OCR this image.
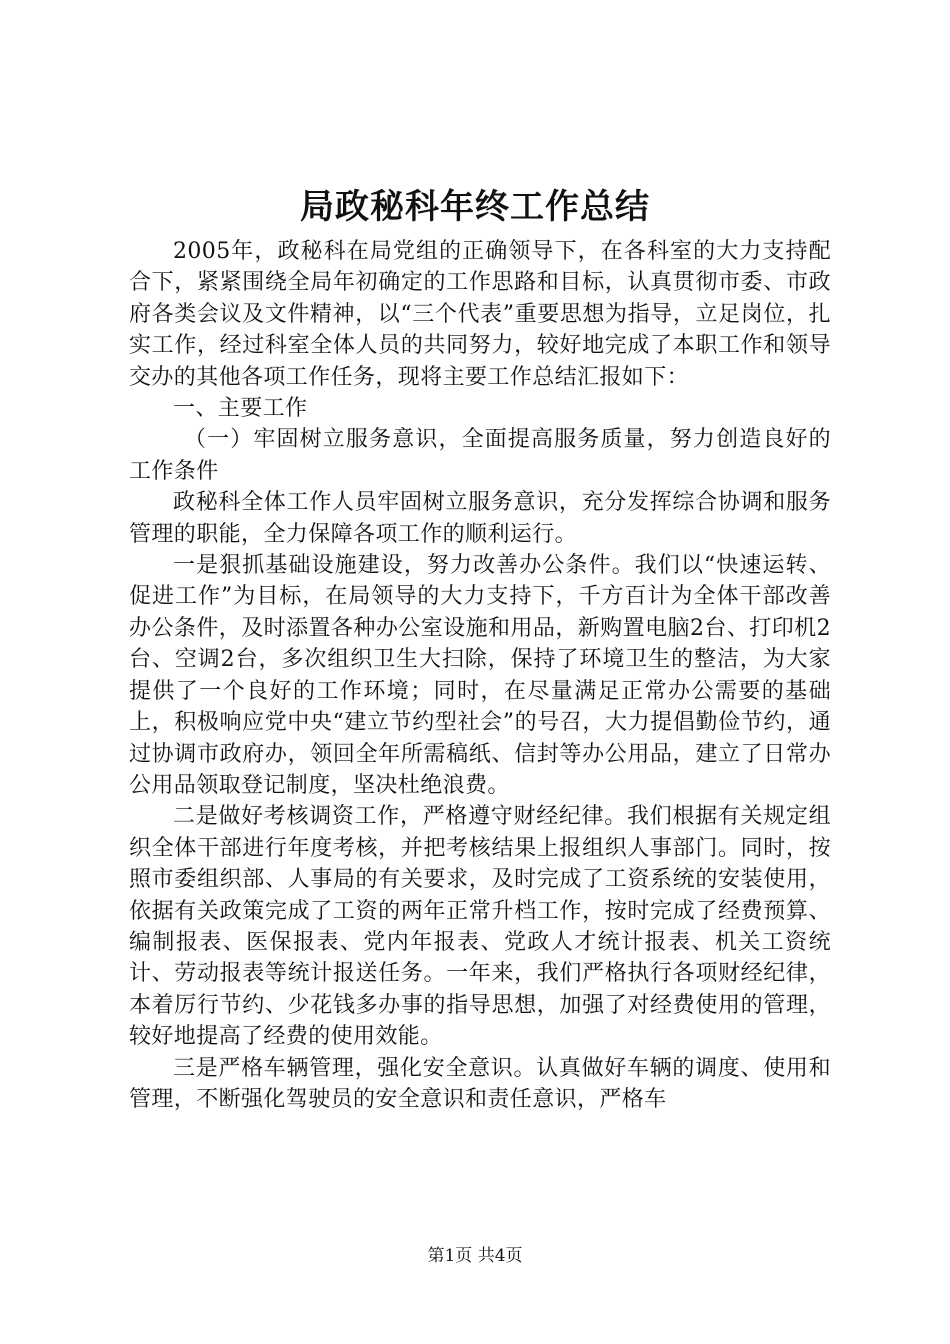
局政秘科年终工作总结

2005年，政秘科在局党组的正确领导下，在各科室的大力支持配合下，紧紧围绕全局年初确定的工作思路和目标，认真贯彻市委、市政府各类会议及文件精神，以“三个代表”重要思想为指导，立足岗位，扎实工作，经过科室全体人员的共同努力，较好地完成了本职工作和领导交办的其他各项工作任务，现将主要工作总结汇报如下：

一、主要工作

（一）牢固树立服务意识，全面提高服务质量，努力创造良好的工作条件

政秘科全体工作人员牢固树立服务意识，充分发挥综合协调和服务管理的职能，全力保障各项工作的顺利运行。

一是狠抓基础设施建设，努力改善办公条件。我们以“快速运转、促进工作”为目标，在局领导的大力支持下，千方百计为全体干部改善办公条件，及时添置各种办公室设施和用品，新购置电脑2台、打印机2台、空调2台，多次组织卫生大扫除，保持了环境卫生的整洁，为大家提供了一个良好的工作环境；同时，在尽量满足正常办公需要的基础上，积极响应党中央“建立节约型社会”的号召，大力提倡勤俭节约，通过协调市政府办，领回全年所需稿纸、信封等办公用品，建立了日常办公用品领取登记制度，坚决杜绝浪费。

二是做好考核调资工作，严格遵守财经纪律。我们根据有关规定组织全体干部进行年度考核，并把考核结果上报组织人事部门。同时，按照市委组织部、人事局的有关要求，及时完成了工资系统的安装使用，依据有关政策完成了工资的两年正常升档工作，按时完成了经费预算、编制报表、医保报表、党内年报表、党政人才统计报表、机关工资统计、劳动报表等统计报送任务。一年来，我们严格执行各项财经纪律，本着厉行节约、少花钱多办事的指导思想，加强了对经费使用的管理，较好地提高了经费的使用效能。

三是严格车辆管理，强化安全意识。认真做好车辆的调度、使用和管理，不断强化驾驶员的安全意识和责任意识，严格车

第1页 共4页
